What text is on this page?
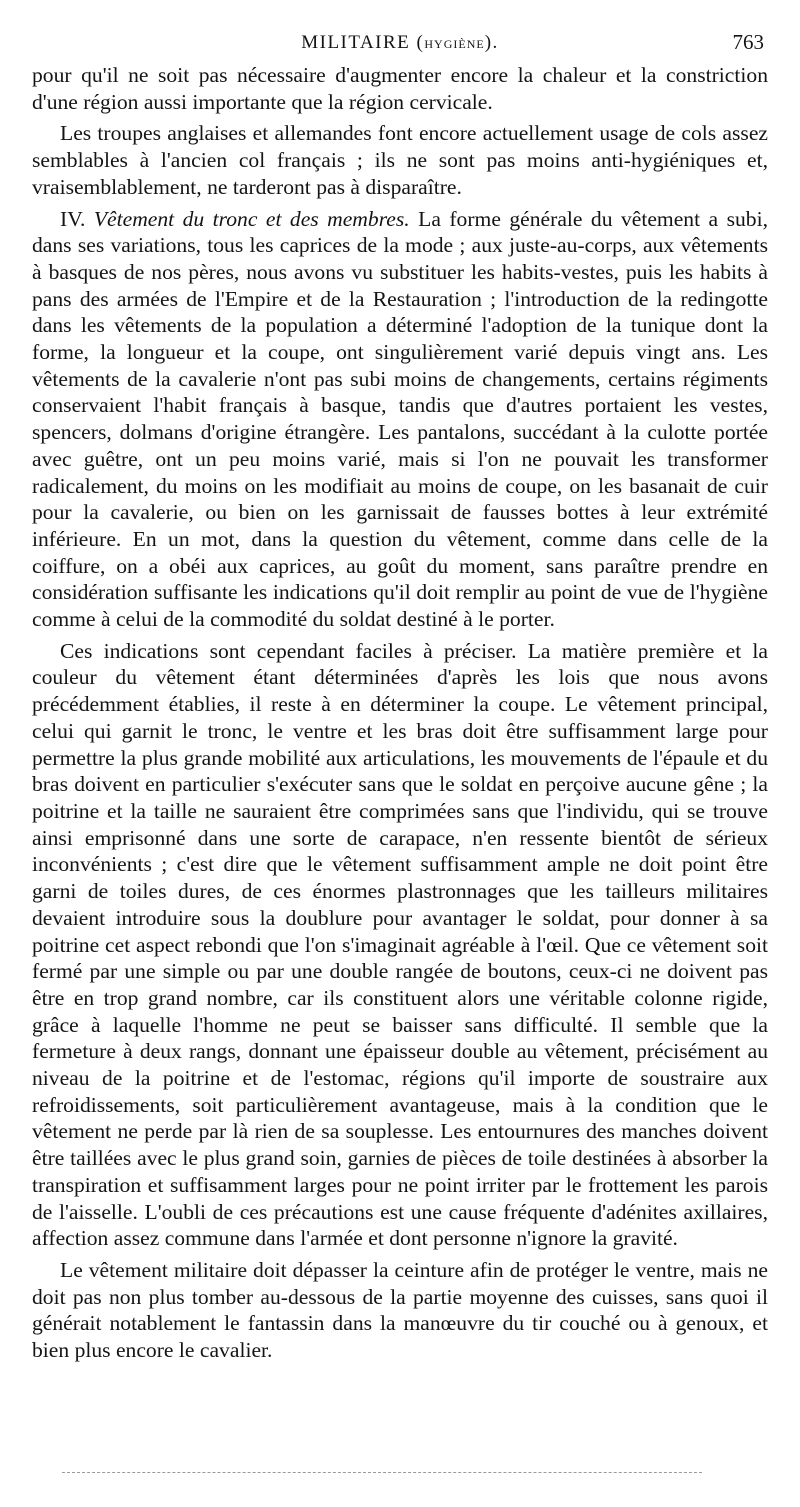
MILITAIRE (HYGIÈNE).	763

pour qu'il ne soit pas nécessaire d'augmenter encore la chaleur et la constriction d'une région aussi importante que la région cervicale.

Les troupes anglaises et allemandes font encore actuellement usage de cols assez semblables à l'ancien col français ; ils ne sont pas moins anti-hygiéniques et, vraisemblablement, ne tarderont pas à disparaître.

IV. Vêtement du tronc et des membres. La forme générale du vêtement a subi, dans ses variations, tous les caprices de la mode ; aux juste-au-corps, aux vêtements à basques de nos pères, nous avons vu substituer les habits-vestes, puis les habits à pans des armées de l'Empire et de la Restauration ; l'introduction de la redingotte dans les vêtements de la population a déterminé l'adoption de la tunique dont la forme, la longueur et la coupe, ont singulièrement varié depuis vingt ans. Les vêtements de la cavalerie n'ont pas subi moins de changements, certains régiments conservaient l'habit français à basque, tandis que d'autres portaient les vestes, spencers, dolmans d'origine étrangère. Les pantalons, succédant à la culotte portée avec guêtre, ont un peu moins varié, mais si l'on ne pouvait les transformer radicalement, du moins on les modifiait au moins de coupe, on les basanait de cuir pour la cavalerie, ou bien on les garnissait de fausses bottes à leur extrémité inférieure. En un mot, dans la question du vêtement, comme dans celle de la coiffure, on a obéi aux caprices, au goût du moment, sans paraître prendre en considération suffisante les indications qu'il doit remplir au point de vue de l'hygiène comme à celui de la commodité du soldat destiné à le porter.

Ces indications sont cependant faciles à préciser. La matière première et la couleur du vêtement étant déterminées d'après les lois que nous avons précédemment établies, il reste à en déterminer la coupe. Le vêtement principal, celui qui garnit le tronc, le ventre et les bras doit être suffisamment large pour permettre la plus grande mobilité aux articulations, les mouvements de l'épaule et du bras doivent en particulier s'exécuter sans que le soldat en perçoive aucune gêne ; la poitrine et la taille ne sauraient être comprimées sans que l'individu, qui se trouve ainsi emprisonné dans une sorte de carapace, n'en ressente bientôt de sérieux inconvénients ; c'est dire que le vêtement suffisamment ample ne doit point être garni de toiles dures, de ces énormes plastronnages que les tailleurs militaires devaient introduire sous la doublure pour avantager le soldat, pour donner à sa poitrine cet aspect rebondi que l'on s'imaginait agréable à l'œil. Que ce vêtement soit fermé par une simple ou par une double rangée de boutons, ceux-ci ne doivent pas être en trop grand nombre, car ils constituent alors une véritable colonne rigide, grâce à laquelle l'homme ne peut se baisser sans difficulté. Il semble que la fermeture à deux rangs, donnant une épaisseur double au vêtement, précisément au niveau de la poitrine et de l'estomac, régions qu'il importe de soustraire aux refroidissements, soit particulièrement avantageuse, mais à la condition que le vêtement ne perde par là rien de sa souplesse. Les entournures des manches doivent être taillées avec le plus grand soin, garnies de pièces de toile destinées à absorber la transpiration et suffisamment larges pour ne point irriter par le frottement les parois de l'aisselle. L'oubli de ces précautions est une cause fréquente d'adénites axillaires, affection assez commune dans l'armée et dont personne n'ignore la gravité.

Le vêtement militaire doit dépasser la ceinture afin de protéger le ventre, mais ne doit pas non plus tomber au-dessous de la partie moyenne des cuisses, sans quoi il générait notablement le fantassin dans la manœuvre du tir couché ou à genoux, et bien plus encore le cavalier.
